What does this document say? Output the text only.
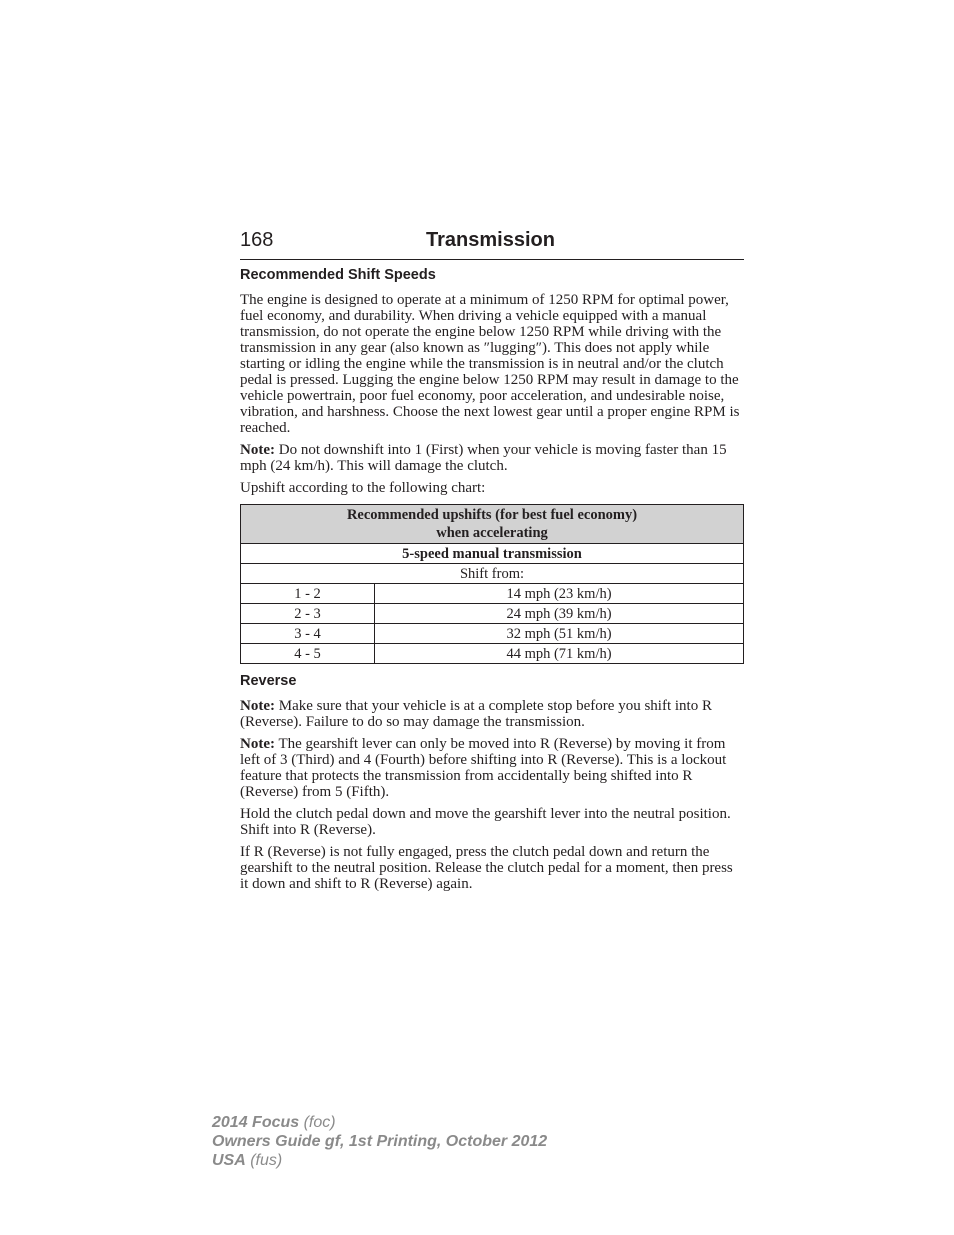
168	Transmission
Recommended Shift Speeds

The engine is designed to operate at a minimum of 1250 RPM for optimal power, fuel economy, and durability. When driving a vehicle equipped with a manual transmission, do not operate the engine below 1250 RPM while driving with the transmission in any gear (also known as ″lugging″). This does not apply while starting or idling the engine while the transmission is in neutral and/or the clutch pedal is pressed. Lugging the engine below 1250 RPM may result in damage to the vehicle powertrain, poor fuel economy, poor acceleration, and undesirable noise, vibration, and harshness. Choose the next lowest gear until a proper engine RPM is reached.

Note: Do not downshift into 1 (First) when your vehicle is moving faster than 15 mph (24 km/h). This will damage the clutch.

Upshift according to the following chart:

Recommended upshifts (for best fuel economy)
when accelerating	
5-speed manual transmission	
Shift from:	
1 - 2	14 mph (23 km/h)
2 - 3	24 mph (39 km/h)
3 - 4	32 mph (51 km/h)
4 - 5	44 mph (71 km/h)
Reverse

Note: Make sure that your vehicle is at a complete stop before you shift into R (Reverse). Failure to do so may damage the transmission.

Note: The gearshift lever can only be moved into R (Reverse) by moving it from left of 3 (Third) and 4 (Fourth) before shifting into R (Reverse). This is a lockout feature that protects the transmission from accidentally being shifted into R (Reverse) from 5 (Fifth).

Hold the clutch pedal down and move the gearshift lever into the neutral position. Shift into R (Reverse).

If R (Reverse) is not fully engaged, press the clutch pedal down and return the gearshift to the neutral position. Release the clutch pedal for a moment, then press it down and shift to R (Reverse) again.

2014 Focus (foc)
Owners Guide gf, 1st Printing, October 2012
USA (fus)
